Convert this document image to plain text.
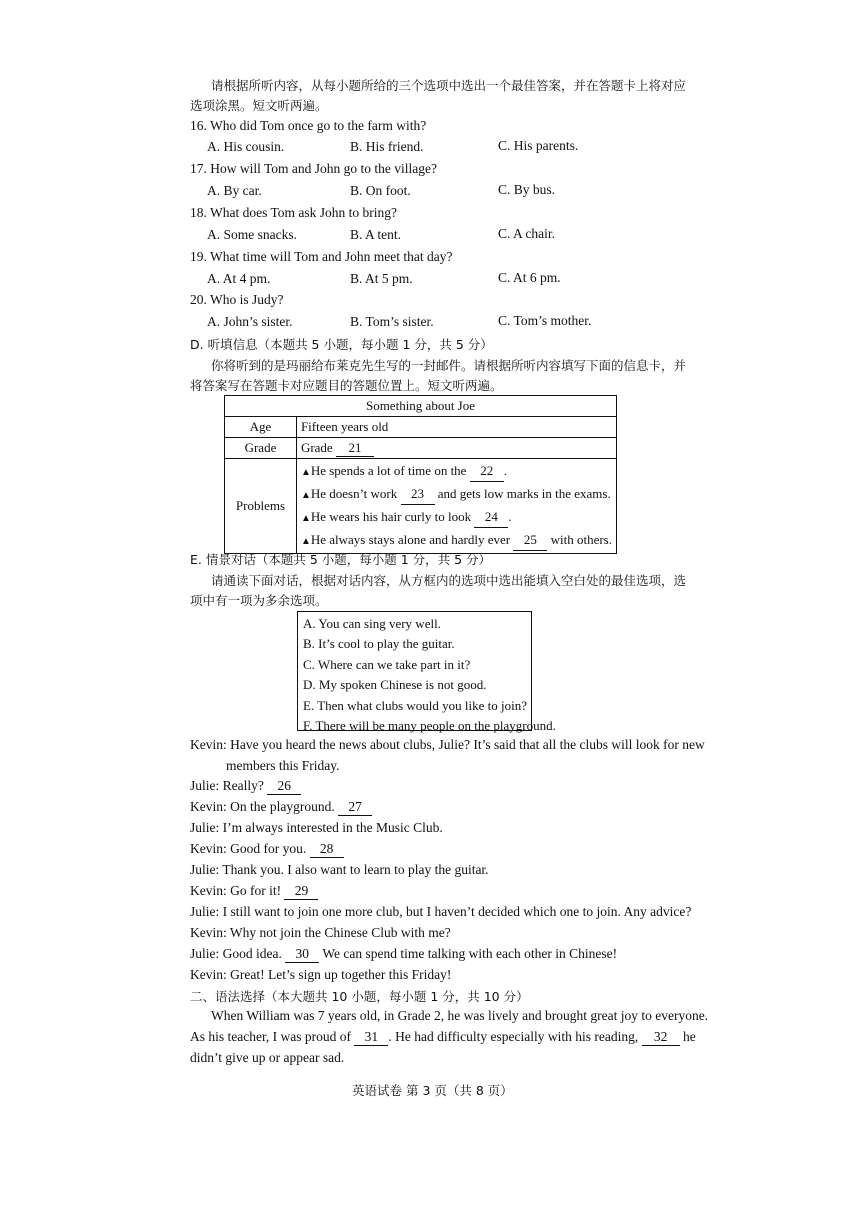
请根据所听内容，从每小题所给的三个选项中选出一个最佳答案，并在答题卡上将对应
选项涂黑。短文听两遍。
16. Who did Tom once go to the farm with?
A. His cousin.	B. His friend.	C. His parents.
17. How will Tom and John go to the village?
A. By car.	B. On foot.	C. By bus.
18. What does Tom ask John to bring?
A. Some snacks.	B. A tent.	C. A chair.
19. What time will Tom and John meet that day?
A. At 4 pm.	B. At 5 pm.	C. At 6 pm.
20. Who is Judy?
A. John’s sister.	B. Tom’s sister.	C. Tom’s mother.
D. 听填信息（本题共 5 小题，每小题 1 分，共 5 分）
你将听到的是玛丽给布莱克先生写的一封邮件。请根据所听内容填写下面的信息卡，并
将答案写在答题卡对应题目的答题位置上。短文听两遍。
Something about Joe	
Age	Fifteen years old
Grade	Grade 21
Problems	▲He spends a lot of time on the 22 .
▲He doesn’t work 23 and gets low marks in the exams.
▲He wears his hair curly to look 24 .
▲He always stays alone and hardly ever 25 with others.
E. 情景对话（本题共 5 小题，每小题 1 分，共 5 分）
请通读下面对话，根据对话内容，从方框内的选项中选出能填入空白处的最佳选项，选
项中有一项为多余选项。
A. You can sing very well.
B. It’s cool to play the guitar.
C. Where can we take part in it?
D. My spoken Chinese is not good.
E. Then what clubs would you like to join?
F. There will be many people on the playground.
Kevin: Have you heard the news about clubs, Julie? It’s said that all the clubs will look for new
members this Friday.
Julie: Really? 26
Kevin: On the playground. 27
Julie: I’m always interested in the Music Club.
Kevin: Good for you. 28
Julie: Thank you. I also want to learn to play the guitar.
Kevin: Go for it! 29
Julie: I still want to join one more club, but I haven’t decided which one to join. Any advice?
Kevin: Why not join the Chinese Club with me?
Julie: Good idea. 30 We can spend time talking with each other in Chinese!
Kevin: Great! Let’s sign up together this Friday!
二、语法选择（本大题共 10 小题，每小题 1 分，共 10 分）
When William was 7 years old, in Grade 2, he was lively and brought great joy to everyone.
As his teacher, I was proud of 31 . He had difficulty especially with his reading, 32 he
didn’t give up or appear sad.
英语试卷 第 3 页（共 8 页）
